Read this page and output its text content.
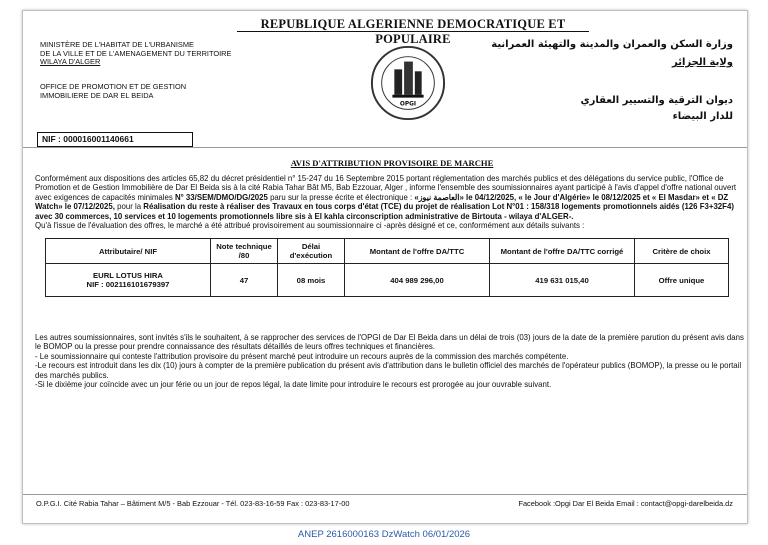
REPUBLIQUE ALGERIENNE DEMOCRATIQUE ET POPULAIRE
MINISTÈRE DE L'HABITAT DE L'URBANISME
DE LA VILLE ET DE L'AMENAGEMENT DU TERRITOIRE
WILAYA D'ALGER
OFFICE DE PROMOTION ET DE GESTION
IMMOBILIERE DE DAR EL BEIDA
OPGI
وزارة السكن والعمران والمدينة والتهيئة العمرانية
ولاية الجزائر
ديوان الترقية والتسيير العقاري
للدار البيضاء
NIF : 000016001140661
AVIS D'ATTRIBUTION PROVISOIRE DE MARCHE

Conformément aux dispositions des articles 65,82 du décret présidentiel n° 15-247 du 16 Septembre 2015 portant réglementation des marchés publics et des délégations du service public, l'Office de Promotion et de Gestion Immobilière de Dar El Beida sis à la cité Rabia Tahar Bât M5, Bab Ezzouar, Alger , informe l'ensemble des soumissionnaires ayant participé à l'avis d'appel d'offre national ouvert avec exigences de capacités minimales N° 33/SEM/DMO/DG/2025 paru sur la presse écrite et électronique : «العاصمة نيوز» le 04/12/2025, « le Jour d'Algérie» le 08/12/2025 et « El Masdar» et « DZ Watch» le 07/12/2025, pour la Réalisation du reste à réaliser des Travaux en tous corps d'état (TCE) du projet de réalisation Lot N°01 : 158/318 logements promotionnels aidés (126 F3+32F4) avec 30 commerces, 10 services et 10 logements promotionnels libre sis à El kahla circonscription administrative de Birtouta - wilaya d'ALGER-.

Qu'à l'issue de l'évaluation des offres, le marché a été attribué provisoirement au soumissionnaire ci -après désigné et ce, conformément aux détails suivants :

Attributaire/ NIF	Note technique /80	Délai d'exécution	Montant de l'offre DA/TTC	Montant de l'offre DA/TTC corrigé	Critère de choix

EURL LOTUS HIRA
NIF : 002116101679397	47	08 mois	404 989 296,00	419 631 015,40	Offre unique

Les autres soumissionnaires, sont invités s'ils le souhaitent, à se rapprocher des services de l'OPGI de Dar El Beida dans un délai de trois (03) jours de la date de la première parution du présent avis dans le BOMOP ou la presse pour prendre connaissance des résultats détaillés de leurs offres techniques et financières.

- Le soumissionnaire qui conteste l'attribution provisoire du présent marché peut introduire un recours auprès de la commission des marchés compétente.

-Le recours est introduit dans les dix (10) jours à compter de la première publication du présent avis d'attribution dans le bulletin officiel des marchés de l'opérateur publics (BOMOP), la presse ou le portail des marchés publics.

-Si le dixième jour coïncide avec un jour férie ou un jour de repos légal, la date limite pour introduire le recours est prorogée au jour ouvrable suivant.

O.P.G.I. Cité Rabia Tahar – Bâtiment M/5 - Bab Ezzouar - Tél. 023-83-16-59 Fax : 023-83-17-00	Facebook :Opgi Dar El Beida Email : contact@opgi-darelbeida.dz
ANEP 2616000163 DzWatch 06/01/2026
